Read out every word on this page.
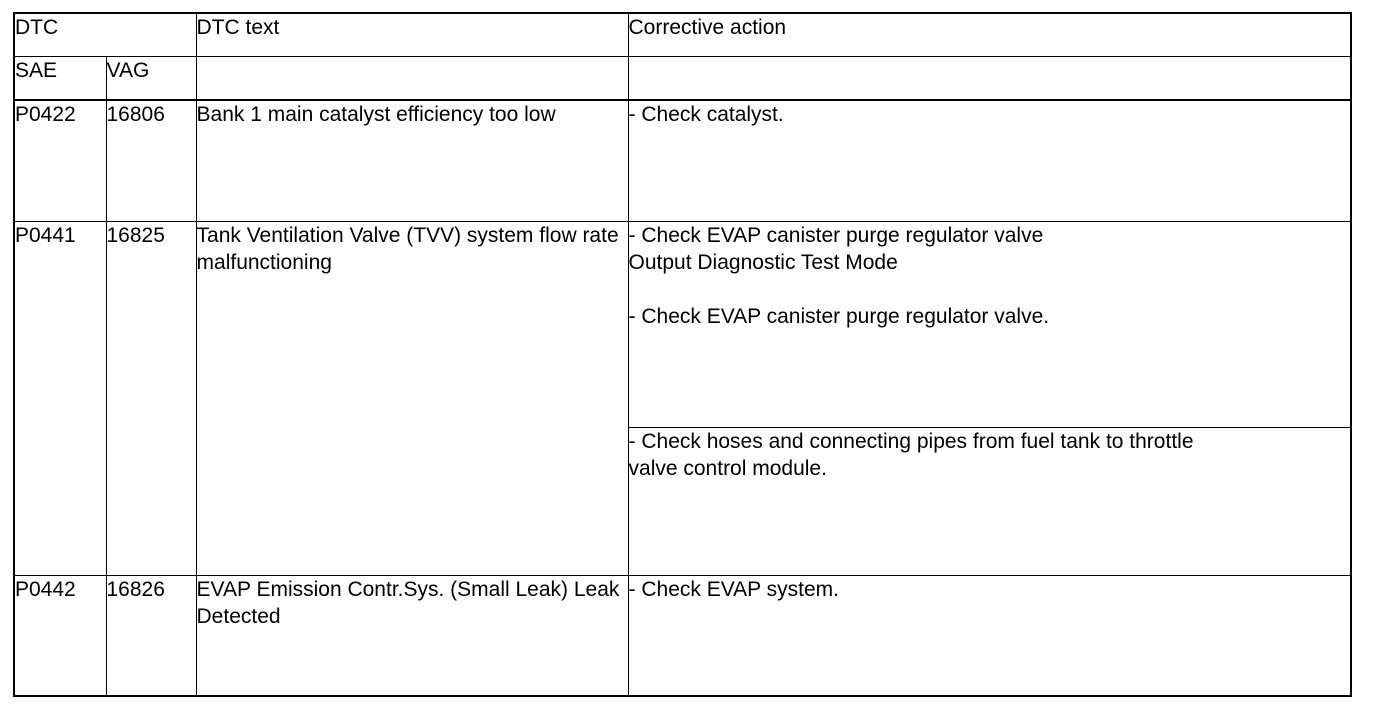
DTC		DTC text	Corrective action
SAE	VAG		
P0422	16806	Bank 1 main catalyst efficiency too low	- Check catalyst.

P0441	16825	Tank Ventilation Valve (TVV) system flow rate malfunctioning	- Check EVAP canister purge regulator valve
Output Diagnostic Test Mode
- Check EVAP canister purge regulator valve.

			- Check hoses and connecting pipes from fuel tank to throttle
valve control module.

P0442	16826	EVAP Emission Contr.Sys. (Small Leak) Leak Detected	- Check EVAP system.
